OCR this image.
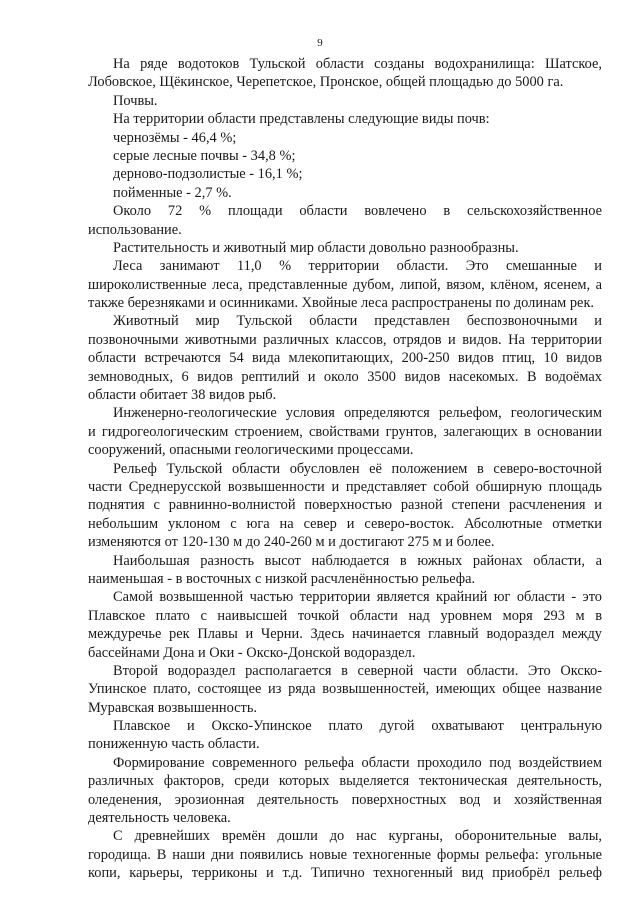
9
На ряде водотоков Тульской области созданы водохранилища: Шатское,
Лобовское, Щёкинское, Черепетское, Пронское, общей площадью до 5000 га.
Почвы.
На территории области представлены следующие виды почв:
чернозёмы - 46,4 %;
серые лесные почвы - 34,8 %;
дерново-подзолистые - 16,1 %;
пойменные - 2,7 %.
Около 72 % площади области вовлечено в сельскохозяйственное
использование.
Растительность и животный мир области довольно разнообразны.
Леса занимают 11,0 % территории области. Это смешанные и
широколиственные леса, представленные дубом, липой, вязом, клёном, ясенем, а
также березняками и осинниками. Хвойные леса распространены по долинам рек.
Животный мир Тульской области представлен беспозвоночными и
позвоночными животными различных классов, отрядов и видов. На территории
области встречаются 54 вида млекопитающих, 200-250 видов птиц, 10 видов
земноводных, 6 видов рептилий и около 3500 видов насекомых. В водоёмах
области обитает 38 видов рыб.
Инженерно-геологические условия определяются рельефом, геологическим
и гидрогеологическим строением, свойствами грунтов, залегающих в основании
сооружений, опасными геологическими процессами.
Рельеф Тульской области обусловлен её положением в северо-восточной
части Среднерусской возвышенности и представляет собой обширную площадь
поднятия с равнинно-волнистой поверхностью разной степени расчленения и
небольшим уклоном с юга на север и северо-восток. Абсолютные отметки
изменяются от 120-130 м до 240-260 м и достигают 275 м и более.
Наибольшая разность высот наблюдается в южных районах области, а
наименьшая - в восточных с низкой расчленённостью рельефа.
Самой возвышенной частью территории является крайний юг области - это
Плавское плато с наивысшей точкой области над уровнем моря 293 м в
междуречье рек Плавы и Черни. Здесь начинается главный водораздел между
бассейнами Дона и Оки - Окско-Донской водораздел.
Второй водораздел располагается в северной части области. Это Окско-
Упинское плато, состоящее из ряда возвышенностей, имеющих общее название
Муравская возвышенность.
Плавское и Окско-Упинское плато дугой охватывают центральную
пониженную часть области.
Формирование современного рельефа области проходило под воздействием
различных факторов, среди которых выделяется тектоническая деятельность,
оледенения, эрозионная деятельность поверхностных вод и хозяйственная
деятельность человека.
С древнейших времён дошли до нас курганы, оборонительные валы,
городища. В наши дни появились новые техногенные формы рельефа: угольные
копи, карьеры, терриконы и т.д. Типично техногенный вид приобрёл рельеф
